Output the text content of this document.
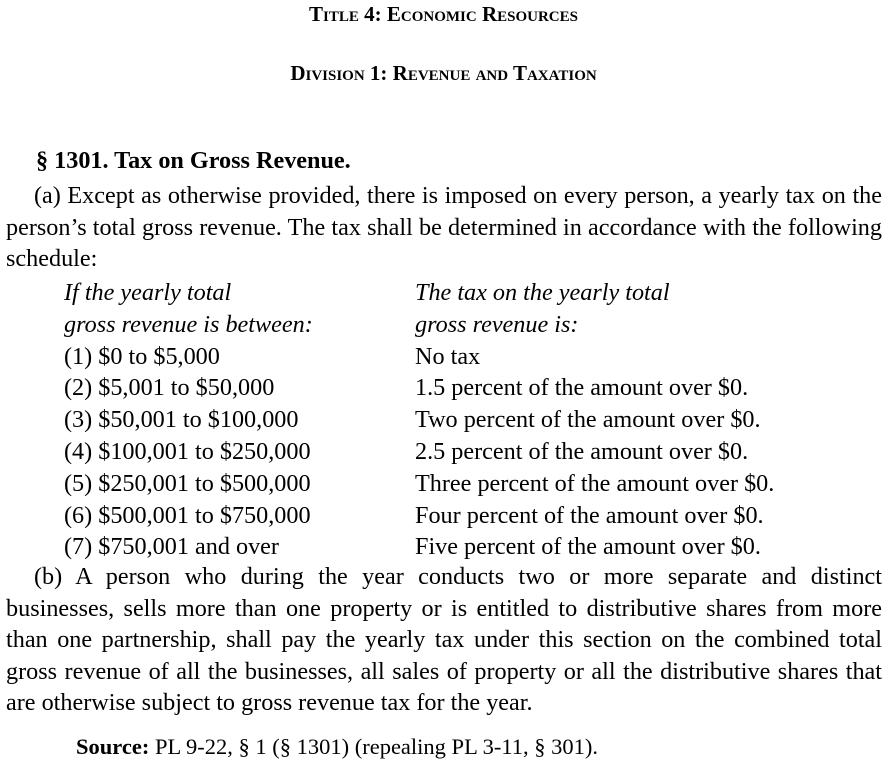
Title 4: Economic Resources
Division 1: Revenue and Taxation
§ 1301. Tax on Gross Revenue.

(a) Except as otherwise provided, there is imposed on every person, a yearly tax on the person’s total gross revenue. The tax shall be determined in accordance with the following schedule:

If the yearly total	The tax on the yearly total
gross revenue is between:	gross revenue is:
(1) $0 to $5,000	No tax
(2) $5,001 to $50,000	1.5 percent of the amount over $0.
(3) $50,001 to $100,000	Two percent of the amount over $0.
(4) $100,001 to $250,000	2.5 percent of the amount over $0.
(5) $250,001 to $500,000	Three percent of the amount over $0.
(6) $500,001 to $750,000	Four percent of the amount over $0.
(7) $750,001 and over	Five percent of the amount over $0.

(b) A person who during the year conducts two or more separate and distinct businesses, sells more than one property or is entitled to distributive shares from more than one partnership, shall pay the yearly tax under this section on the combined total gross revenue of all the businesses, all sales of property or all the distributive shares that are otherwise subject to gross revenue tax for the year.

Source: PL 9-22, § 1 (§ 1301) (repealing PL 3-11, § 301).
